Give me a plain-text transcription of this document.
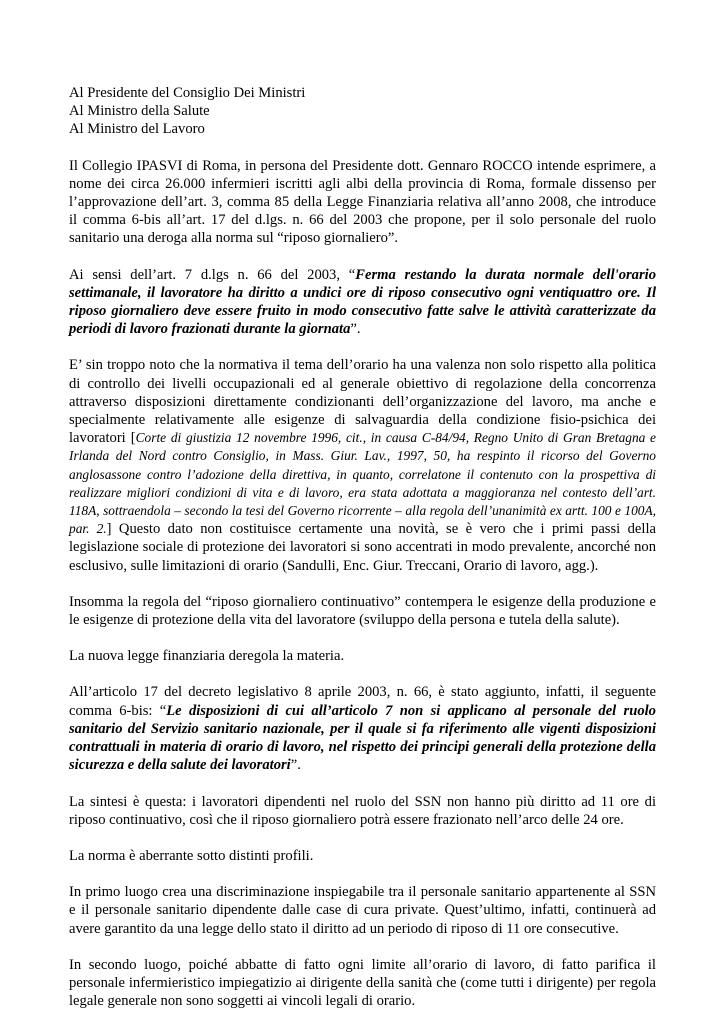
Al Presidente del Consiglio Dei Ministri
Al Ministro della Salute
Al Ministro del Lavoro

Il Collegio IPASVI di Roma, in persona del Presidente dott. Gennaro ROCCO intende esprimere, a nome dei circa 26.000 infermieri iscritti agli albi della provincia di Roma, formale dissenso per l’approvazione dell’art. 3, comma 85 della Legge Finanziaria relativa all’anno 2008, che introduce il comma 6-bis all’art. 17 del d.lgs. n. 66 del 2003 che propone, per il solo personale del ruolo sanitario una deroga alla norma sul “riposo giornaliero”.

Ai sensi dell’art. 7 d.lgs n. 66 del 2003, “Ferma restando la durata normale dell'orario settimanale, il lavoratore ha diritto a undici ore di riposo consecutivo ogni ventiquattro ore. Il riposo giornaliero deve essere fruito in modo consecutivo fatte salve le attività caratterizzate da periodi di lavoro frazionati durante la giornata”.

E’ sin troppo noto che la normativa il tema dell’orario ha una valenza non solo rispetto alla politica di controllo dei livelli occupazionali ed al generale obiettivo di regolazione della concorrenza attraverso disposizioni direttamente condizionanti dell’organizzazione del lavoro, ma anche e specialmente relativamente alle esigenze di salvaguardia della condizione fisio-psichica dei lavoratori [Corte di giustizia 12 novembre 1996, cit., in causa C-84/94, Regno Unito di Gran Bretagna e Irlanda del Nord contro Consiglio, in Mass. Giur. Lav., 1997, 50, ha respinto il ricorso del Governo anglosassone contro l’adozione della direttiva, in quanto, correlatone il contenuto con la prospettiva di realizzare migliori condizioni di vita e di lavoro, era stata adottata a maggioranza nel contesto dell’art. 118A, sottraendola – secondo la tesi del Governo ricorrente – alla regola dell’unanimità ex artt. 100 e 100A, par. 2.] Questo dato non costituisce certamente una novità, se è vero che i primi passi della legislazione sociale di protezione dei lavoratori si sono accentrati in modo prevalente, ancorché non esclusivo, sulle limitazioni di orario (Sandulli, Enc. Giur. Treccani, Orario di lavoro, agg.).

Insomma la regola del “riposo giornaliero continuativo” contempera le esigenze della produzione e le esigenze di protezione della vita del lavoratore (sviluppo della persona e tutela della salute).

La nuova legge finanziaria deregola la materia.

All’articolo 17 del decreto legislativo 8 aprile 2003, n. 66, è stato aggiunto, infatti, il seguente comma 6-bis: “Le disposizioni di cui all’articolo 7 non si applicano al personale del ruolo sanitario del Servizio sanitario nazionale, per il quale si fa riferimento alle vigenti disposizioni contrattuali in materia di orario di lavoro, nel rispetto dei principi generali della protezione della sicurezza e della salute dei lavoratori”.

La sintesi è questa: i lavoratori dipendenti nel ruolo del SSN non hanno più diritto ad 11 ore di riposo continuativo, così che il riposo giornaliero potrà essere frazionato nell’arco delle 24 ore.

La norma è aberrante sotto distinti profili.

In primo luogo crea una discriminazione inspiegabile tra il personale sanitario appartenente al SSN e il personale sanitario dipendente dalle case di cura private. Quest’ultimo, infatti, continuerà ad avere garantito da una legge dello stato il diritto ad un periodo di riposo di 11 ore consecutive.

In secondo luogo, poiché abbatte di fatto ogni limite all’orario di lavoro, di fatto parifica il personale infermieristico impiegatizio ai dirigente della sanità che (come tutti i dirigente) per regola legale generale non sono soggetti ai vincoli legali di orario.
